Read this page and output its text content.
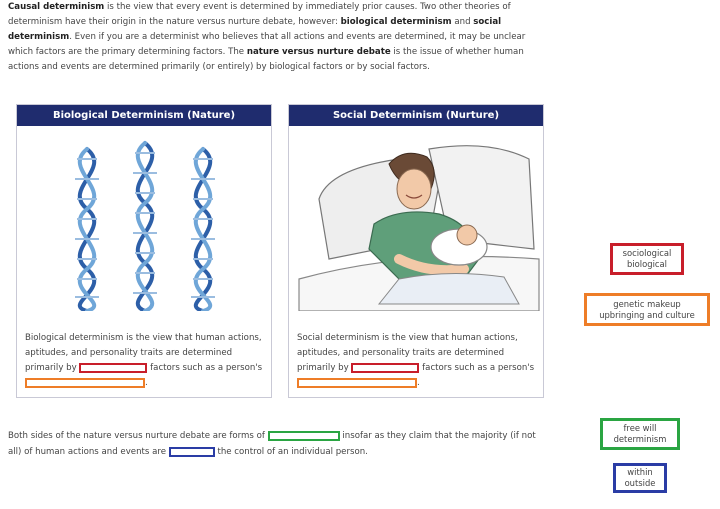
Causal determinism is the view that every event is determined by immediately prior causes. Two other theories of determinism have their origin in the nature versus nurture debate, however: biological determinism and social determinism. Even if you are a determinist who believes that all actions and events are determined, it may be unclear which factors are the primary determining factors. The nature versus nurture debate is the issue of whether human actions and events are determined primarily (or entirely) by biological factors or by social factors.
Biological Determinism (Nature)
Biological determinism is the view that human actions, aptitudes, and personality traits are determined primarily by	factors such as a person's .
Social Determinism (Nurture)
Social determinism is the view that human actions, aptitudes, and personality traits are determined primarily by	factors such as a person's .
Both sides of the nature versus nurture debate are forms of	insofar as they claim that the majority (if not all) of human actions and events are	the control of an individual person.
sociological
biological
genetic makeup
upbringing and culture
free will
determinism
within
outside
